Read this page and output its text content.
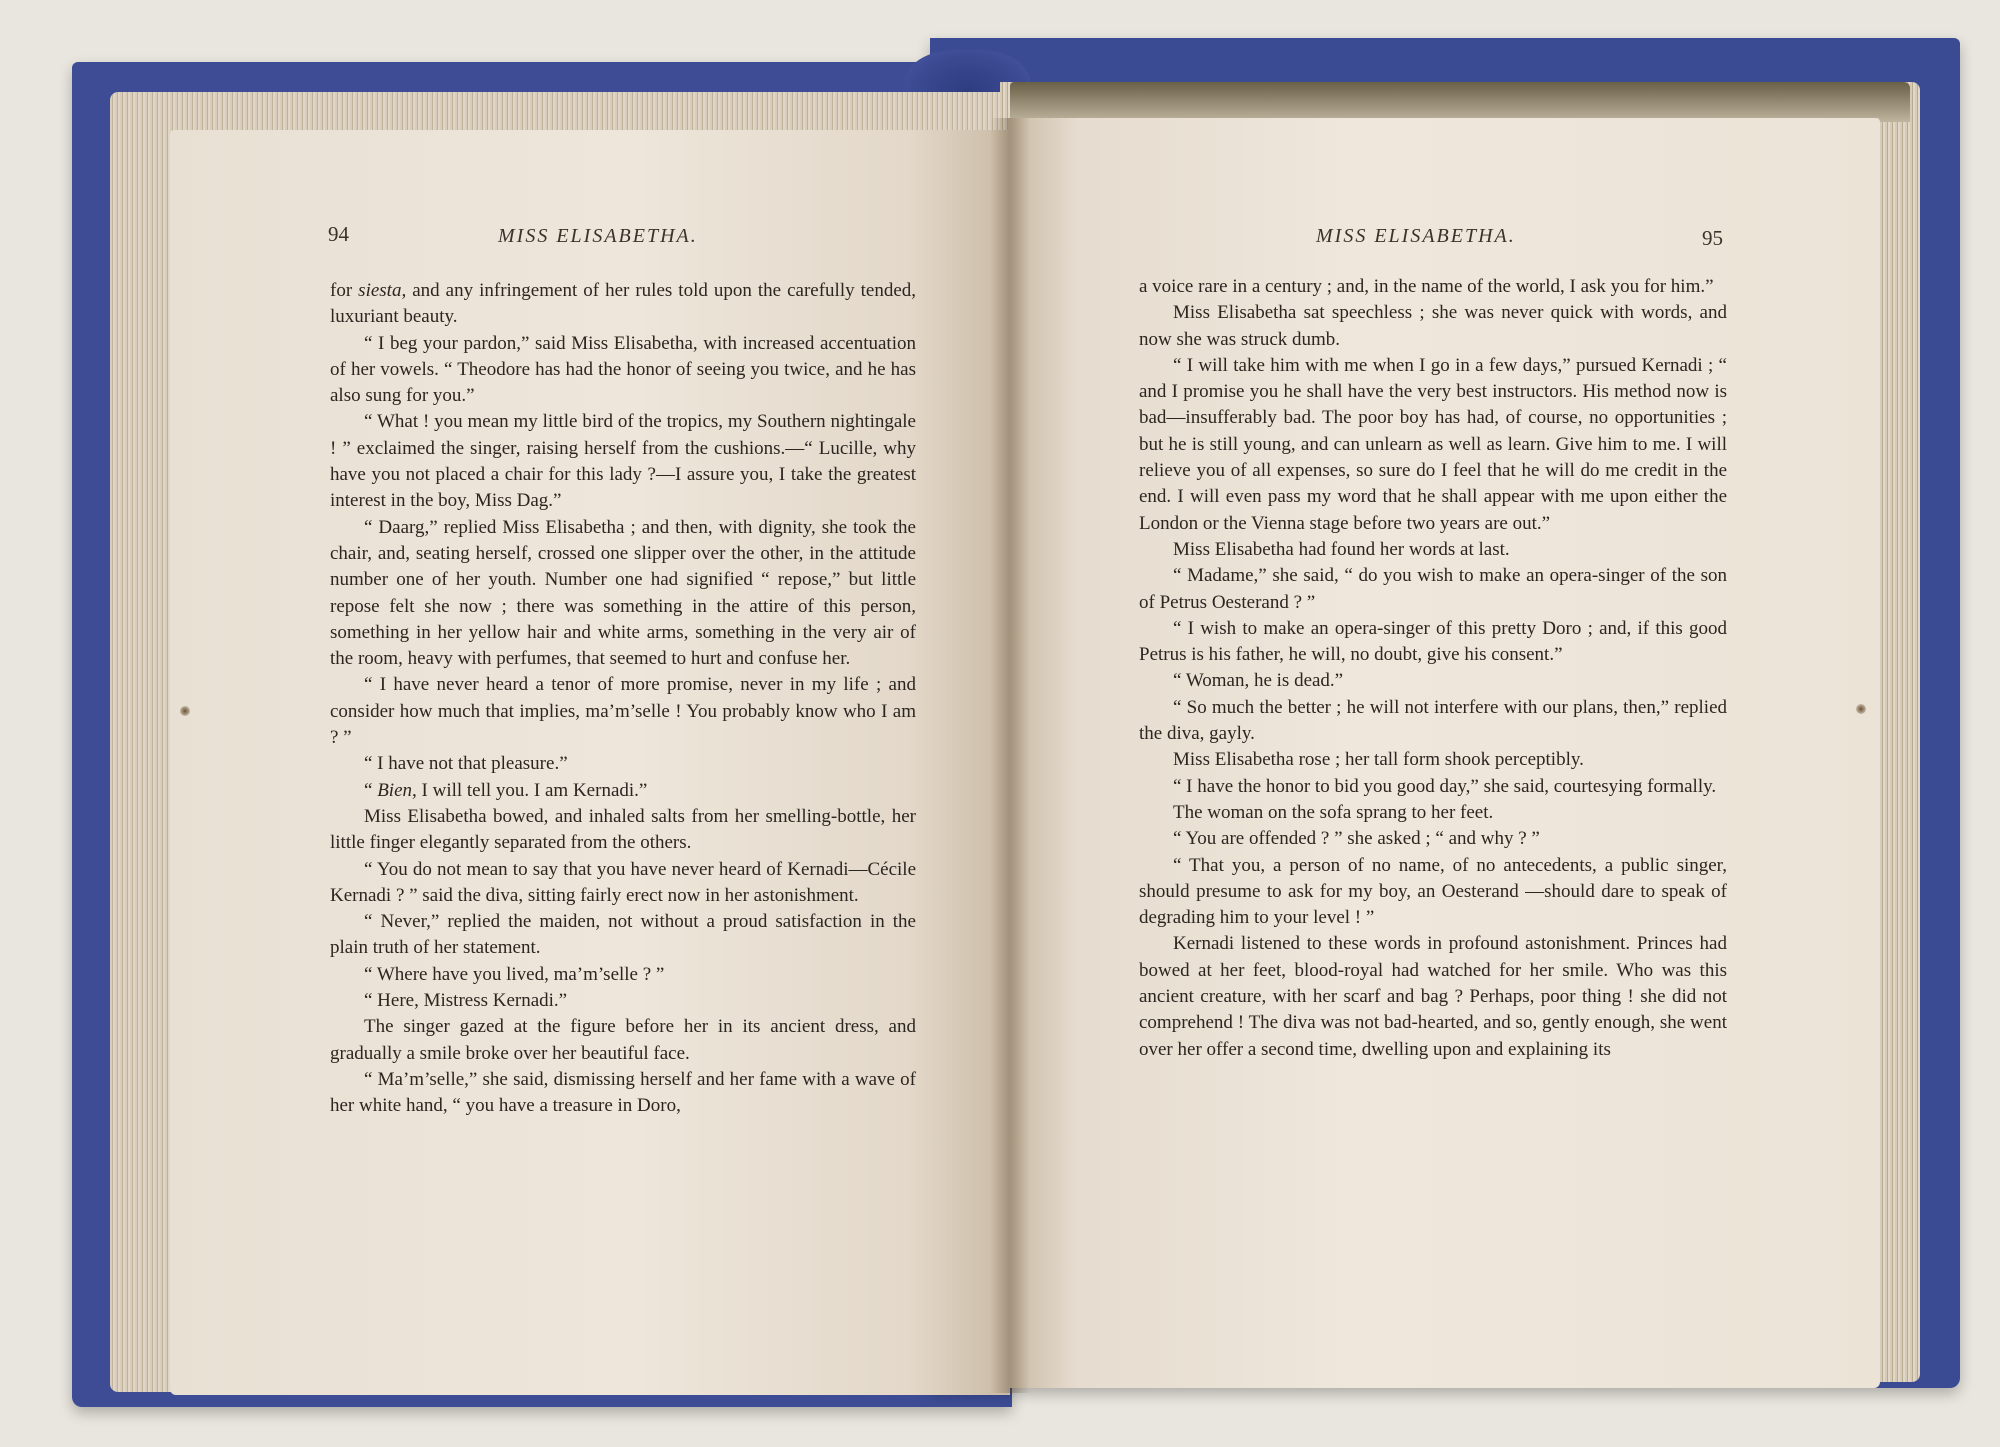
94	MISS ELISABETHA.	MISS ELISABETHA.	95

for siesta, and any infringement of her rules told upon the carefully tended, luxuriant beauty.

“ I beg your pardon,” said Miss Elisabetha, with increased accentuation of her vowels. “ Theodore has had the honor of seeing you twice, and he has also sung for you.”

“ What ! you mean my little bird of the tropics, my Southern nightingale ! ” exclaimed the singer, raising herself from the cushions.—“ Lucille, why have you not placed a chair for this lady ?—I assure you, I take the greatest interest in the boy, Miss Dag.”

“ Daarg,” replied Miss Elisabetha ; and then, with dignity, she took the chair, and, seating herself, crossed one slipper over the other, in the attitude number one of her youth. Number one had signified “ repose,” but little repose felt she now ; there was something in the attire of this person, something in her yellow hair and white arms, something in the very air of the room, heavy with perfumes, that seemed to hurt and confuse her.

“ I have never heard a tenor of more promise, never in my life ; and consider how much that implies, ma’m’selle ! You probably know who I am ? ”

“ I have not that pleasure.”

“ Bien, I will tell you. I am Kernadi.”

Miss Elisabetha bowed, and inhaled salts from her smelling-bottle, her little finger elegantly separated from the others.

“ You do not mean to say that you have never heard of Kernadi—Cécile Kernadi ? ” said the diva, sitting fairly erect now in her astonishment.

“ Never,” replied the maiden, not without a proud satisfaction in the plain truth of her statement.

“ Where have you lived, ma’m’selle ? ”

“ Here, Mistress Kernadi.”

The singer gazed at the figure before her in its ancient dress, and gradually a smile broke over her beautiful face.

“ Ma’m’selle,” she said, dismissing herself and her fame with a wave of her white hand, “ you have a treasure in Doro,

a voice rare in a century ; and, in the name of the world, I ask you for him.”

Miss Elisabetha sat speechless ; she was never quick with words, and now she was struck dumb.

“ I will take him with me when I go in a few days,” pursued Kernadi ; “ and I promise you he shall have the very best instructors. His method now is bad—insufferably bad. The poor boy has had, of course, no opportunities ; but he is still young, and can unlearn as well as learn. Give him to me. I will relieve you of all expenses, so sure do I feel that he will do me credit in the end. I will even pass my word that he shall appear with me upon either the London or the Vienna stage before two years are out.”

Miss Elisabetha had found her words at last.

“ Madame,” she said, “ do you wish to make an opera-singer of the son of Petrus Oesterand ? ”

“ I wish to make an opera-singer of this pretty Doro ; and, if this good Petrus is his father, he will, no doubt, give his consent.”

“ Woman, he is dead.”

“ So much the better ; he will not interfere with our plans, then,” replied the diva, gayly.

Miss Elisabetha rose ; her tall form shook perceptibly.

“ I have the honor to bid you good day,” she said, courtesying formally.

The woman on the sofa sprang to her feet.

“ You are offended ? ” she asked ; “ and why ? ”

“ That you, a person of no name, of no antecedents, a public singer, should presume to ask for my boy, an Oesterand —should dare to speak of degrading him to your level ! ”

Kernadi listened to these words in profound astonishment. Princes had bowed at her feet, blood-royal had watched for her smile. Who was this ancient creature, with her scarf and bag ? Perhaps, poor thing ! she did not comprehend ! The diva was not bad-hearted, and so, gently enough, she went over her offer a second time, dwelling upon and explaining its
